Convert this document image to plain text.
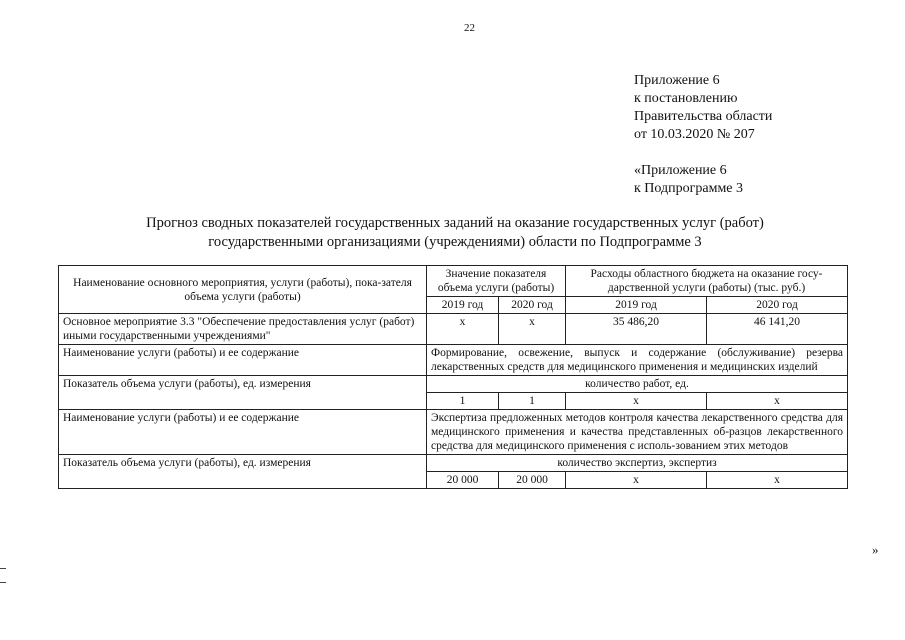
22
Приложение 6
к постановлению
Правительства области
от 10.03.2020 № 207
«Приложение 6
к Подпрограмме 3
Прогноз сводных показателей государственных заданий на оказание государственных услуг (работ)
государственными организациями (учреждениями) области по Подпрограмме 3
Наименование основного мероприятия, услуги (работы), пока-зателя объема услуги (работы)	Значение показателя объема услуги (работы)		Расходы областного бюджета на оказание госу-дарственной услуги (работы) (тыс. руб.)	
	2019 год	2020 год	2019 год	2020 год
Основное мероприятие 3.3 "Обеспечение предоставления услуг (работ) иными государственными учреждениями"	x	x	35 486,20	46 141,20
Наименование услуги (работы) и ее содержание	Формирование, освежение, выпуск и содержание (обслуживание) резерва лекарственных средств для медицинского применения и медицинских изделий			
Показатель объема услуги (работы), ед. измерения	количество работ, ед.			
	1	1	x	x
Наименование услуги (работы) и ее содержание	Экспертиза предложенных методов контроля качества лекарственного средства для медицинского применения и качества представленных об-разцов лекарственного средства для медицинского применения с исполь-зованием этих методов			
Показатель объема услуги (работы), ед. измерения	количество экспертиз, экспертиз			
	20 000	20 000	x	x
»
